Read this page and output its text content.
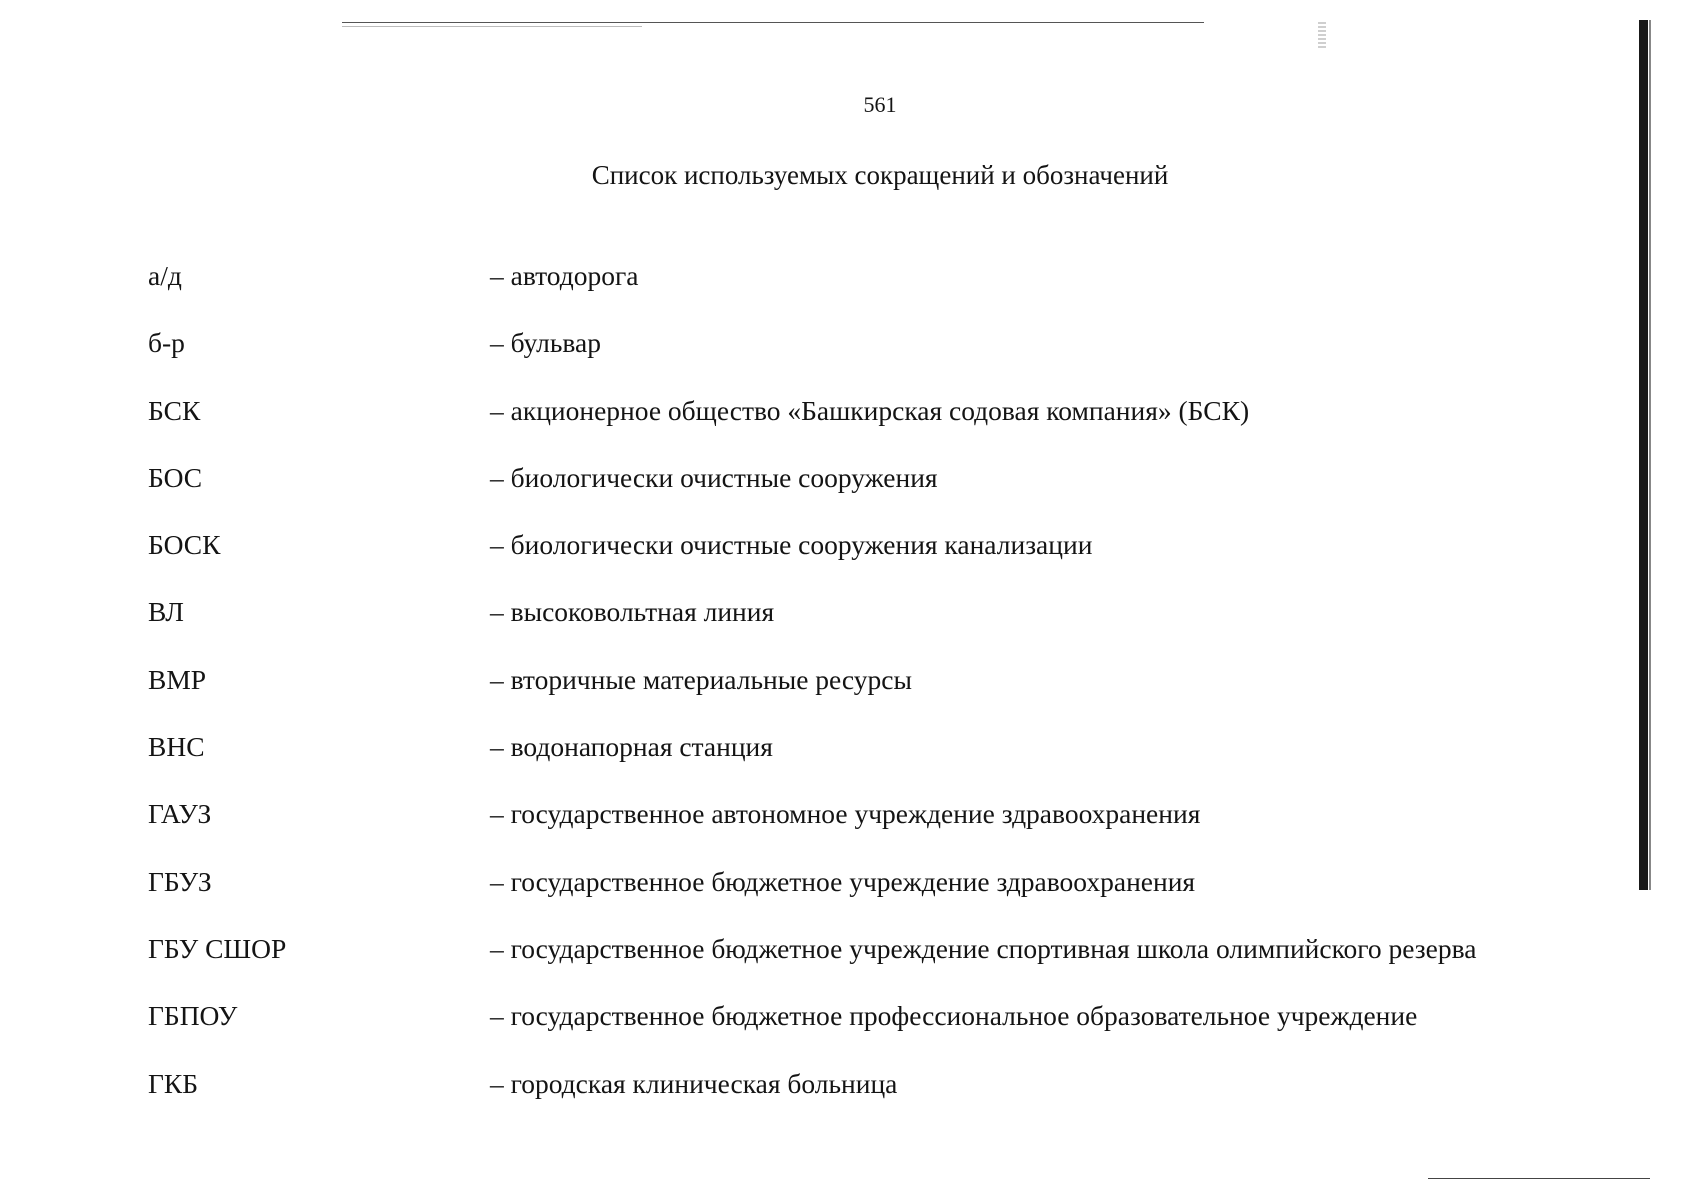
561
Список используемых сокращений и обозначений
а/д	– автодорога
б-р	– бульвар
БСК	– акционерное общество «Башкирская содовая компания» (БСК)
БОС	– биологически очистные сооружения
БОСК	– биологически очистные сооружения канализации
ВЛ	– высоковольтная линия
ВМР	– вторичные материальные ресурсы
ВНС	– водонапорная станция
ГАУЗ	– государственное автономное учреждение здравоохранения
ГБУЗ	– государственное бюджетное учреждение здравоохранения
ГБУ СШОР	– государственное бюджетное учреждение спортивная школа олимпийского резерва
ГБПОУ	– государственное бюджетное профессиональное образовательное учреждение
ГКБ	– городская клиническая больница
